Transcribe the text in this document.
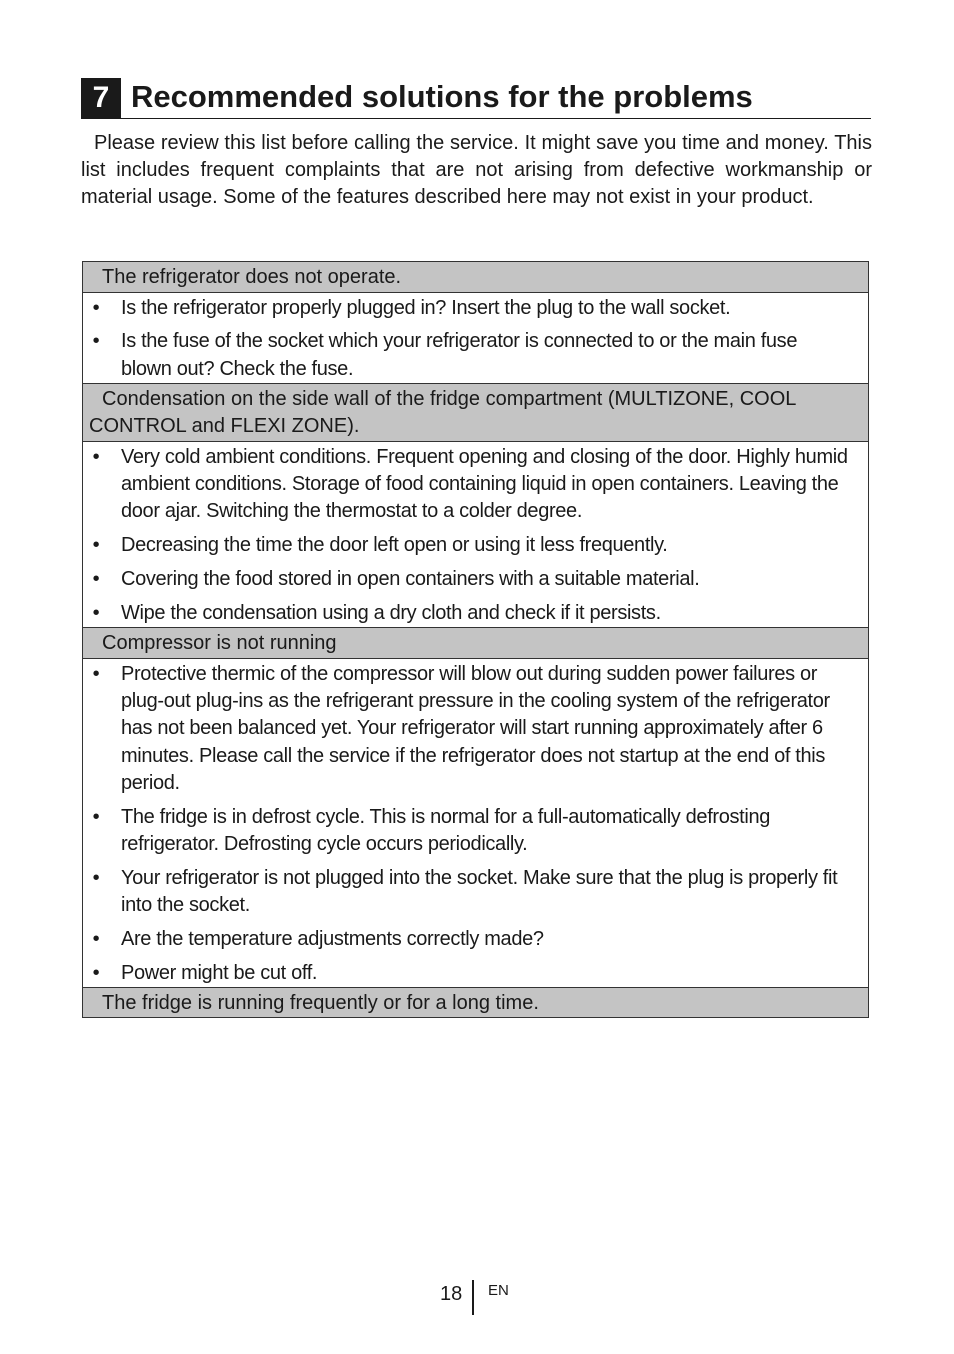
7 Recommended solutions for the problems

Please review this list before calling the service. It might save you time and money. This list includes frequent complaints that are not arising from defective workmanship or material usage. Some of the features described here may not exist in your product.

The refrigerator does not operate.
• Is the refrigerator properly plugged in? Insert the plug to the wall socket.
• Is the fuse of the socket which your refrigerator is connected to or the main fuse blown out? Check the fuse.
Condensation on the side wall of the fridge compartment (MULTIZONE, COOL CONTROL and FLEXI ZONE).
• Very cold ambient conditions. Frequent opening and closing of the door. Highly humid ambient conditions. Storage of food containing liquid in open containers. Leaving the door ajar. Switching the thermostat to a colder degree.
• Decreasing the time the door left open or using it less frequently.
• Covering the food stored in open containers with a suitable material.
• Wipe the condensation using a dry cloth and check if it persists.
Compressor is not running
• Protective thermic of the compressor will blow out during sudden power failures or plug-out plug-ins as the refrigerant pressure in the cooling system of the refrigerator has not been balanced yet. Your refrigerator will start running approximately after 6 minutes. Please call the service if the refrigerator does not startup at the end of this period.
• The fridge is in defrost cycle. This is normal for a full-automatically defrosting refrigerator. Defrosting cycle occurs periodically.
• Your refrigerator is not plugged into the socket. Make sure that the plug is properly fit into the socket.
• Are the temperature adjustments correctly made?
• Power might be cut off.
The fridge is running frequently or for a long time.
18 EN
